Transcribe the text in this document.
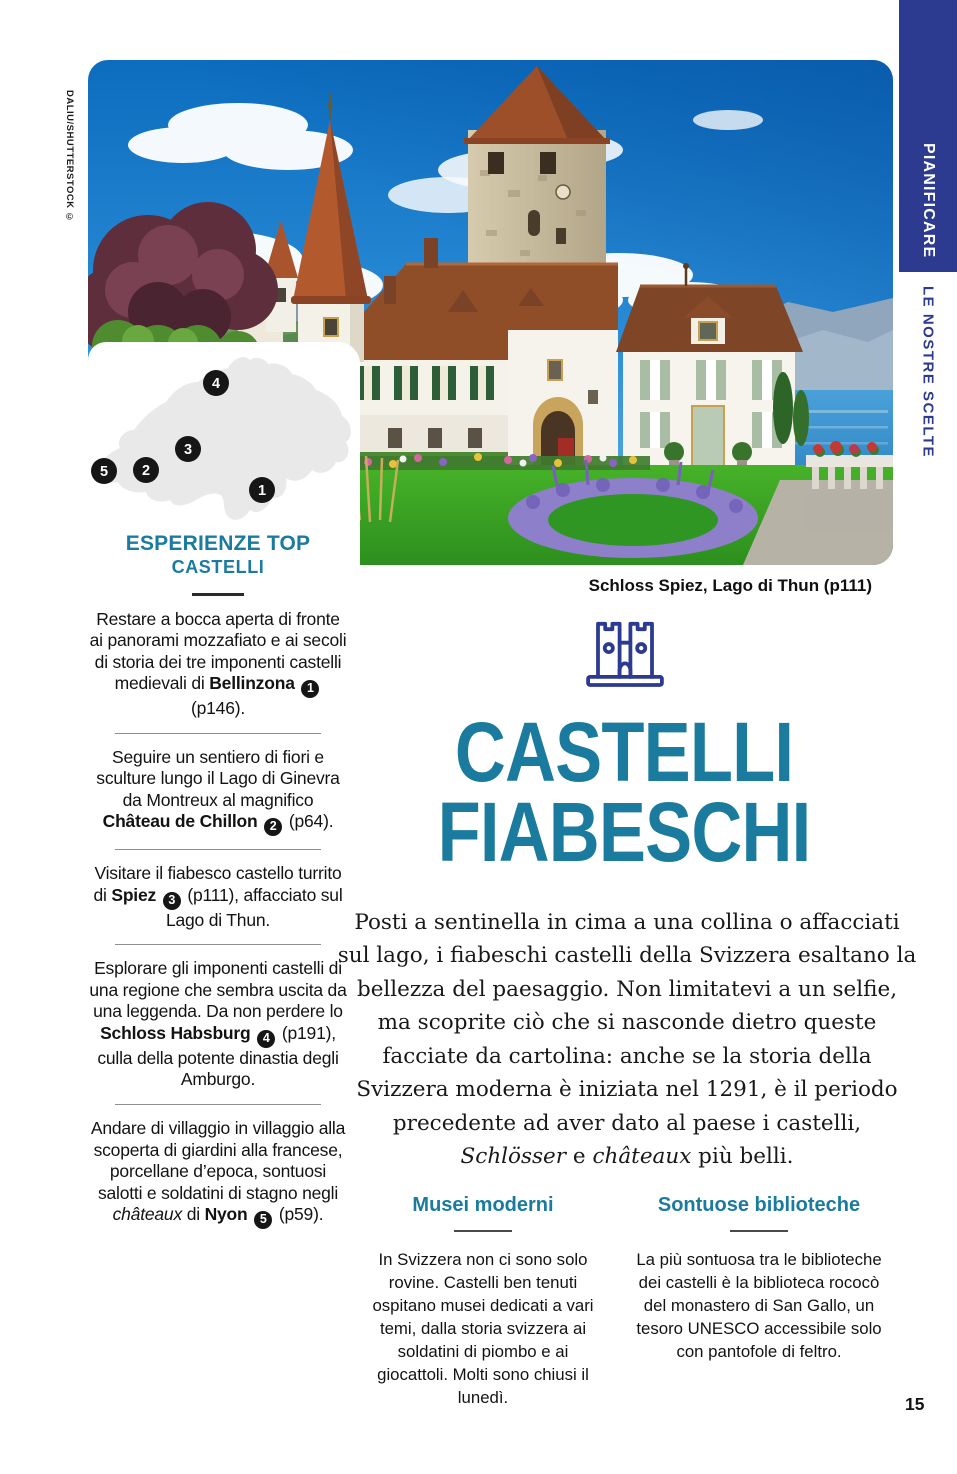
DALIU/SHUTTERSTOCK ©
4
3
2
5
1
PIANIFICARE
LE NOSTRE SCELTE
Schloss Spiez, Lago di Thun (p111)
ESPERIENZE TOP
CASTELLI

Restare a bocca aperta di fronte ai panorami mozzafiato e ai secoli di storia dei tre imponenti castelli medievali di Bellinzona 1 (p146).

Seguire un sentiero di fiori e sculture lungo il Lago di Ginevra da Montreux al magnifico Château de Chillon 2 (p64).

Visitare il fiabesco castello turrito di Spiez 3 (p111), affacciato sul Lago di Thun.

Esplorare gli imponenti castelli di una regione che sembra uscita da una leggenda. Da non perdere lo Schloss Habsburg 4 (p191), culla della potente dinastia degli Amburgo.

Andare di villaggio in villaggio alla scoperta di giardini alla francese, porcellane d’epoca, sontuosi salotti e soldatini di stagno negli châteaux di Nyon 5 (p59).

CASTELLI
FIABESCHI

Posti a sentinella in cima a una collina o affacciati sul lago, i fiabeschi castelli della Svizzera esaltano la bellezza del paesaggio. Non limitatevi a un selfie, ma scoprite ciò che si nasconde dietro queste facciate da cartolina: anche se la storia della Svizzera moderna è iniziata nel 1291, è il periodo precedente ad aver dato al paese i castelli, Schlösser e châteaux più belli.

Musei moderni

In Svizzera non ci sono solo rovine. Castelli ben tenuti ospitano musei dedicati a vari temi, dalla storia svizzera ai soldatini di piombo e ai giocattoli. Molti sono chiusi il lunedì.

Sontuose biblioteche

La più sontuosa tra le biblioteche dei castelli è la biblioteca rococò del monastero di San Gallo, un tesoro UNESCO accessibile solo con pantofole di feltro.

15
